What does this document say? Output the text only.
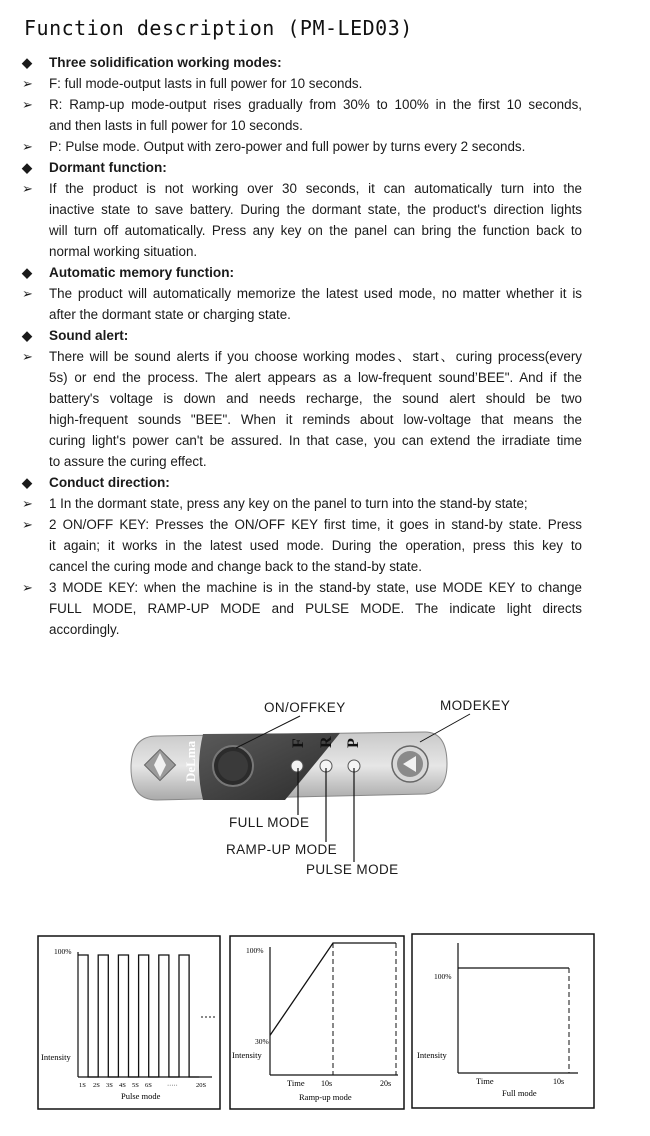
Function description (PM-LED03)
◆	Three solidification working modes:
➢	F: full mode-output lasts in full power for 10 seconds.
➢	R: Ramp-up mode-output rises gradually from 30% to 100% in the first 10 seconds,
and then lasts in full power for 10 seconds.
➢	P: Pulse mode. Output with zero-power and full power by turns every 2 seconds.
◆	Dormant function:
➢	If the product is not working over 30 seconds, it can automatically turn into the
inactive state to save battery. During the dormant state, the product's direction lights
will turn off automatically. Press any key on the panel can bring the function back to
normal working situation.
◆	Automatic memory function:
➢	The product will automatically memorize the latest used mode, no matter whether it is
after the dormant state or charging state.
◆	Sound alert:
➢	There will be sound alerts if you choose working modes、start、curing process(every
5s) or end the process. The alert appears as a low-frequent sound’BEE". And if the
battery's voltage is down and needs recharge, the sound alert should be two
high-frequent sounds "BEE". When it reminds about low-voltage that means the
curing light's power can't be assured. In that case, you can extend the irradiate time
to assure the curing effect.
◆	Conduct direction:
➢	1 In the dormant state, press any key on the panel to turn into the stand-by state;
➢	2 ON/OFF KEY: Presses the ON/OFF KEY first time, it goes in stand-by state. Press
it again; it works in the latest used mode. During the operation, press this key to
cancel the curing mode and change back to the stand-by state.
➢	3 MODE KEY: when the machine is in the stand-by state, use MODE KEY to change
FULL MODE, RAMP-UP MODE and PULSE MODE. The indicate light directs
accordingly.
DeLma	F R P
ON/OFFKEY	MODEKEY
FULL MODE
RAMP-UP MODE
PULSE MODE
100%
Intensity
1S 2S 3S 4S 5S 6S ·····	20S
Pulse mode
100%
30%
Intensity
Time 10s	20s
Ramp-up mode
100%
Intensity
Time	10s
Full mode
